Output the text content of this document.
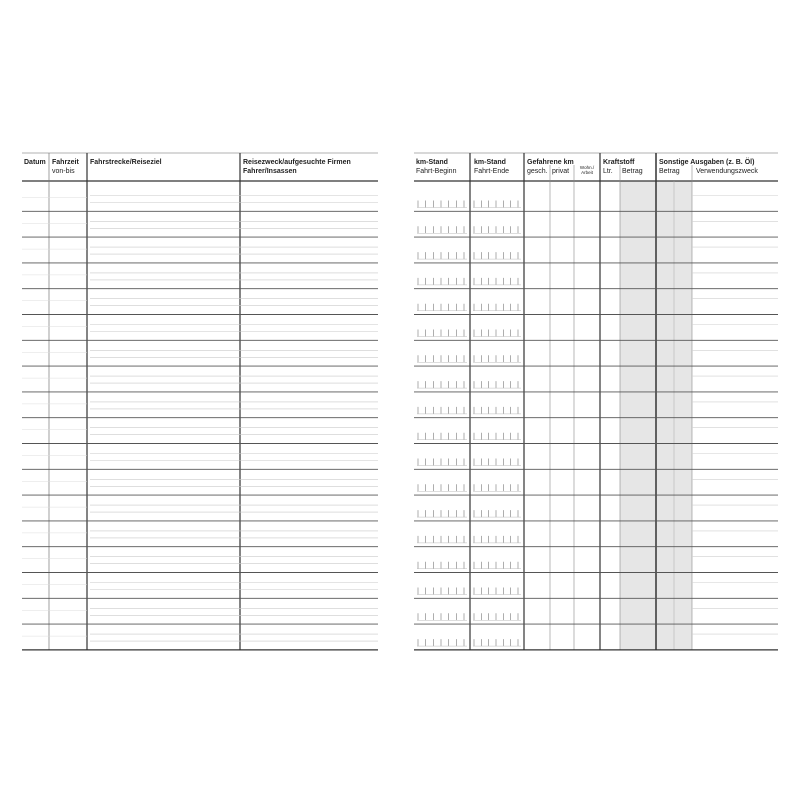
Datum Fahrzeit
von-bis
Fahrstrecke/Reiseziel	Reisezweck/aufgesuchte Firmen
Fahrer/Insassen
km-Stand
Fahrt-Beginn
km-Stand
Fahrt-Ende
Gefahrene km
gesch. privat
Wohn./ Arbeit
Kraftstoff
Ltr. Betrag
Sonstige Ausgaben (z. B. Öl)
Betrag Verwendungszweck
